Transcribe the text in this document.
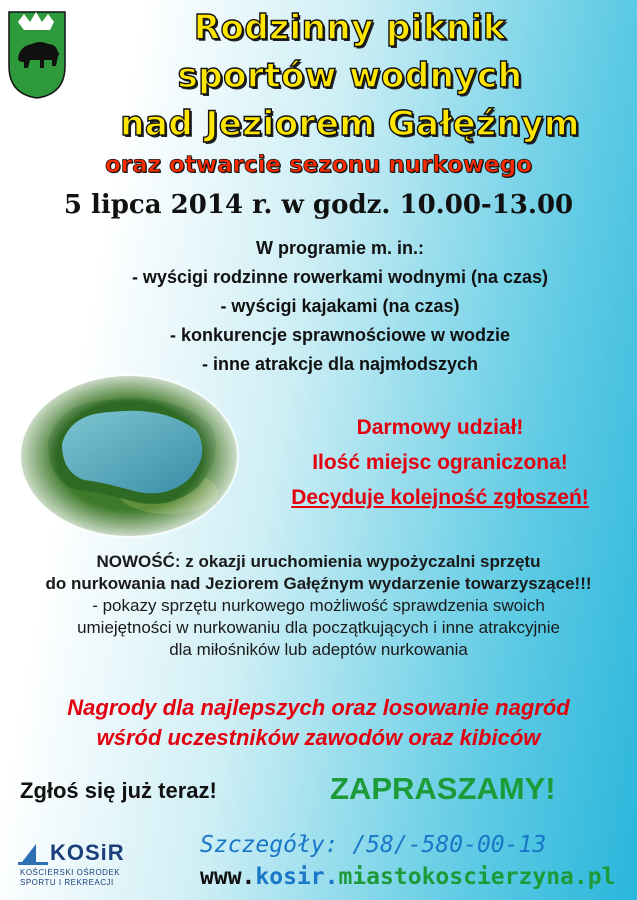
Rodzinny piknik
sportów wodnych
nad Jeziorem Gałęźnym
oraz otwarcie sezonu nurkowego
5 lipca 2014 r. w godz. 10.00-13.00
W programie m. in.:
- wyścigi rodzinne rowerkami wodnymi (na czas)
- wyścigi kajakami (na czas)
- konkurencje sprawnościowe w wodzie
- inne atrakcje dla najmłodszych
Darmowy udział!
Ilość miejsc ograniczona!
Decyduje kolejność zgłoszeń!
NOWOŚĆ: z okazji uruchomienia wypożyczalni sprzętu
do nurkowania nad Jeziorem Gałęźnym wydarzenie towarzyszące!!!
- pokazy sprzętu nurkowego możliwość sprawdzenia swoich
umiejętności w nurkowaniu dla początkujących i inne atrakcyjnie
dla miłośników lub adeptów nurkowania
Nagrody dla najlepszych oraz losowanie nagród
wśród uczestników zawodów oraz kibiców
Zgłoś się już teraz!	ZAPRASZAMY!
KOSiR
KOŚCIERSKI OŚRODEK
SPORTU I REKREACJI
Szczegóły: /58/-580-00-13
www.kosir.miastokoscierzyna.pl
